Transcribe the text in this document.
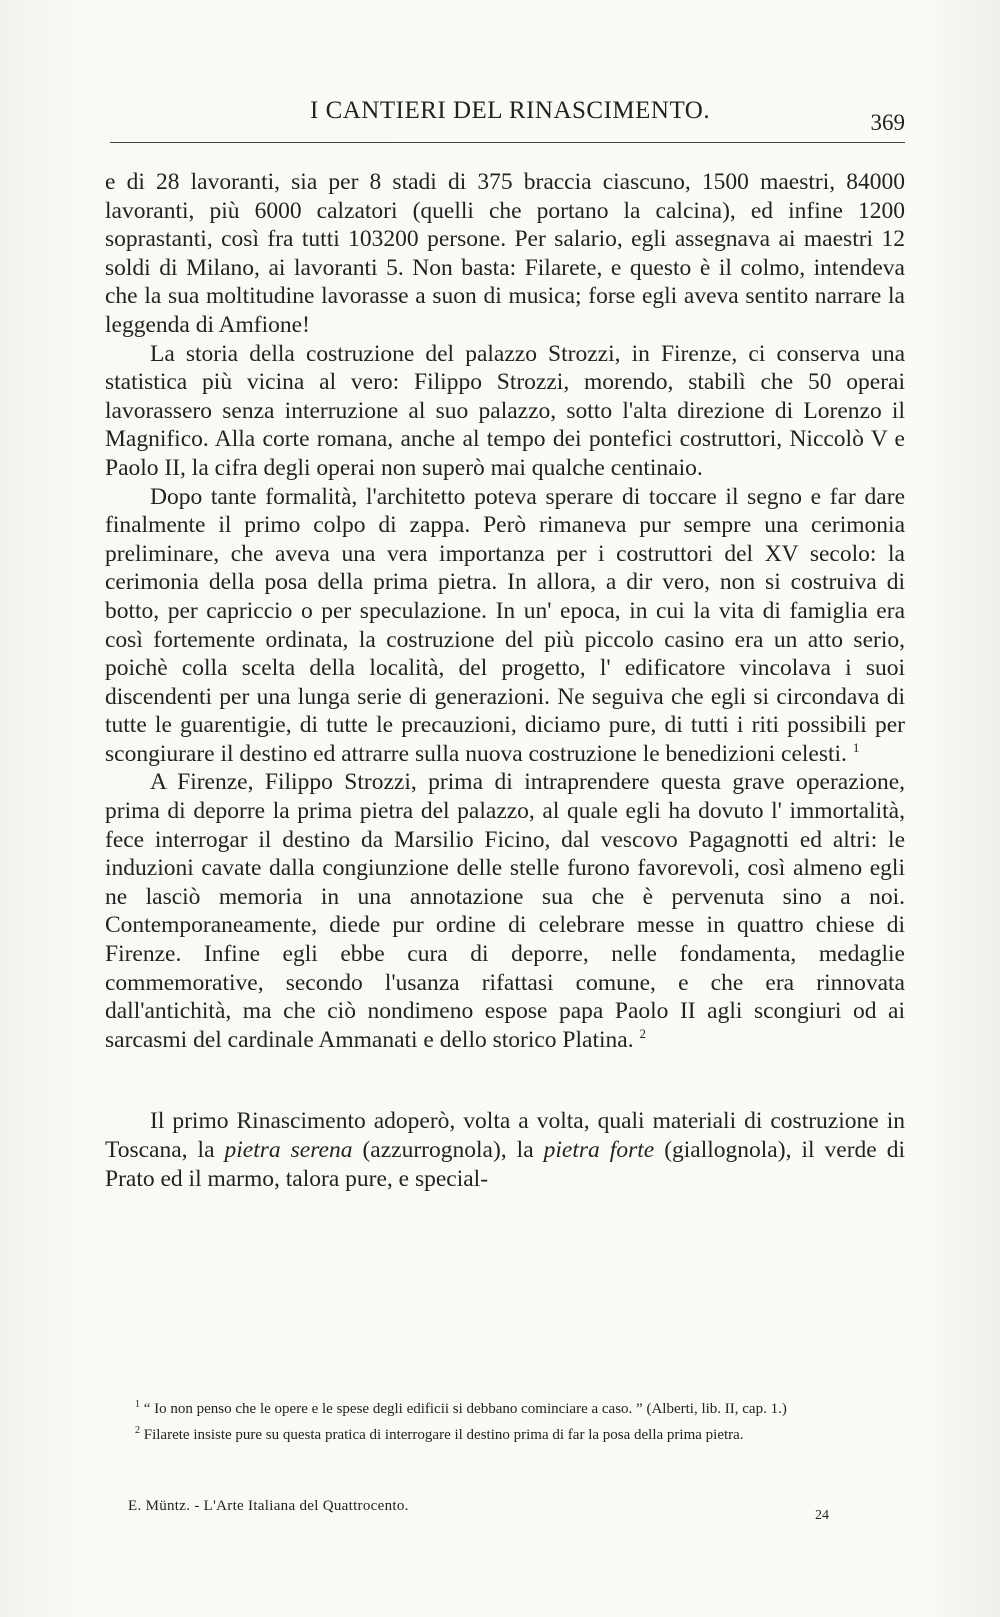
I CANTIERI DEL RINASCIMENTO.	369

e di 28 lavoranti, sia per 8 stadi di 375 braccia ciascuno, 1500 maestri, 84000 lavoranti, più 6000 calzatori (quelli che portano la calcina), ed infine 1200 soprastanti, così fra tutti 103200 persone. Per salario, egli assegnava ai maestri 12 soldi di Milano, ai lavoranti 5. Non basta: Filarete, e questo è il colmo, intendeva che la sua moltitudine lavorasse a suon di musica; forse egli aveva sentito narrare la leggenda di Amfione!

La storia della costruzione del palazzo Strozzi, in Firenze, ci conserva una statistica più vicina al vero: Filippo Strozzi, morendo, stabilì che 50 operai lavorassero senza interruzione al suo palazzo, sotto l'alta direzione di Lorenzo il Magnifico. Alla corte romana, anche al tempo dei pontefici costruttori, Niccolò V e Paolo II, la cifra degli operai non superò mai qualche centinaio.

Dopo tante formalità, l'architetto poteva sperare di toccare il segno e far dare finalmente il primo colpo di zappa. Però rimaneva pur sempre una cerimonia preliminare, che aveva una vera importanza per i costruttori del XV secolo: la cerimonia della posa della prima pietra. In allora, a dir vero, non si costruiva di botto, per capriccio o per speculazione. In un' epoca, in cui la vita di famiglia era così fortemente ordinata, la costruzione del più piccolo casino era un atto serio, poichè colla scelta della località, del progetto, l' edificatore vincolava i suoi discendenti per una lunga serie di generazioni. Ne seguiva che egli si circondava di tutte le guarentigie, di tutte le precauzioni, diciamo pure, di tutti i riti possibili per scongiurare il destino ed attrarre sulla nuova costruzione le benedizioni celesti. $^1$

A Firenze, Filippo Strozzi, prima di intraprendere questa grave operazione, prima di deporre la prima pietra del palazzo, al quale egli ha dovuto l' immortalità, fece interrogar il destino da Marsilio Ficino, dal vescovo Pagagnotti ed altri: le induzioni cavate dalla congiunzione delle stelle furono favorevoli, così almeno egli ne lasciò memoria in una annotazione sua che è pervenuta sino a noi. Contemporaneamente, diede pur ordine di celebrare messe in quattro chiese di Firenze. Infine egli ebbe cura di deporre, nelle fondamenta, medaglie commemorative, secondo l'usanza rifattasi comune, e che era rinnovata dall'antichità, ma che ciò nondimeno espose papa Paolo II agli scongiuri od ai sarcasmi del cardinale Ammanati e dello storico Platina. $^2$

Il primo Rinascimento adoperò, volta a volta, quali materiali di costruzione in Toscana, la pietra serena (azzurrognola), la pietra forte (giallognola), il verde di Prato ed il marmo, talora pure, e special-

$^1$ “ Io non penso che le opere e le spese degli edificii si debbano cominciare a caso. ” (Alberti, lib. II, cap. 1.)

$^2$ Filarete insiste pure su questa pratica di interrogare il destino prima di far la posa della prima pietra.

E. Müntz. - L'Arte Italiana del Quattrocento.
24
